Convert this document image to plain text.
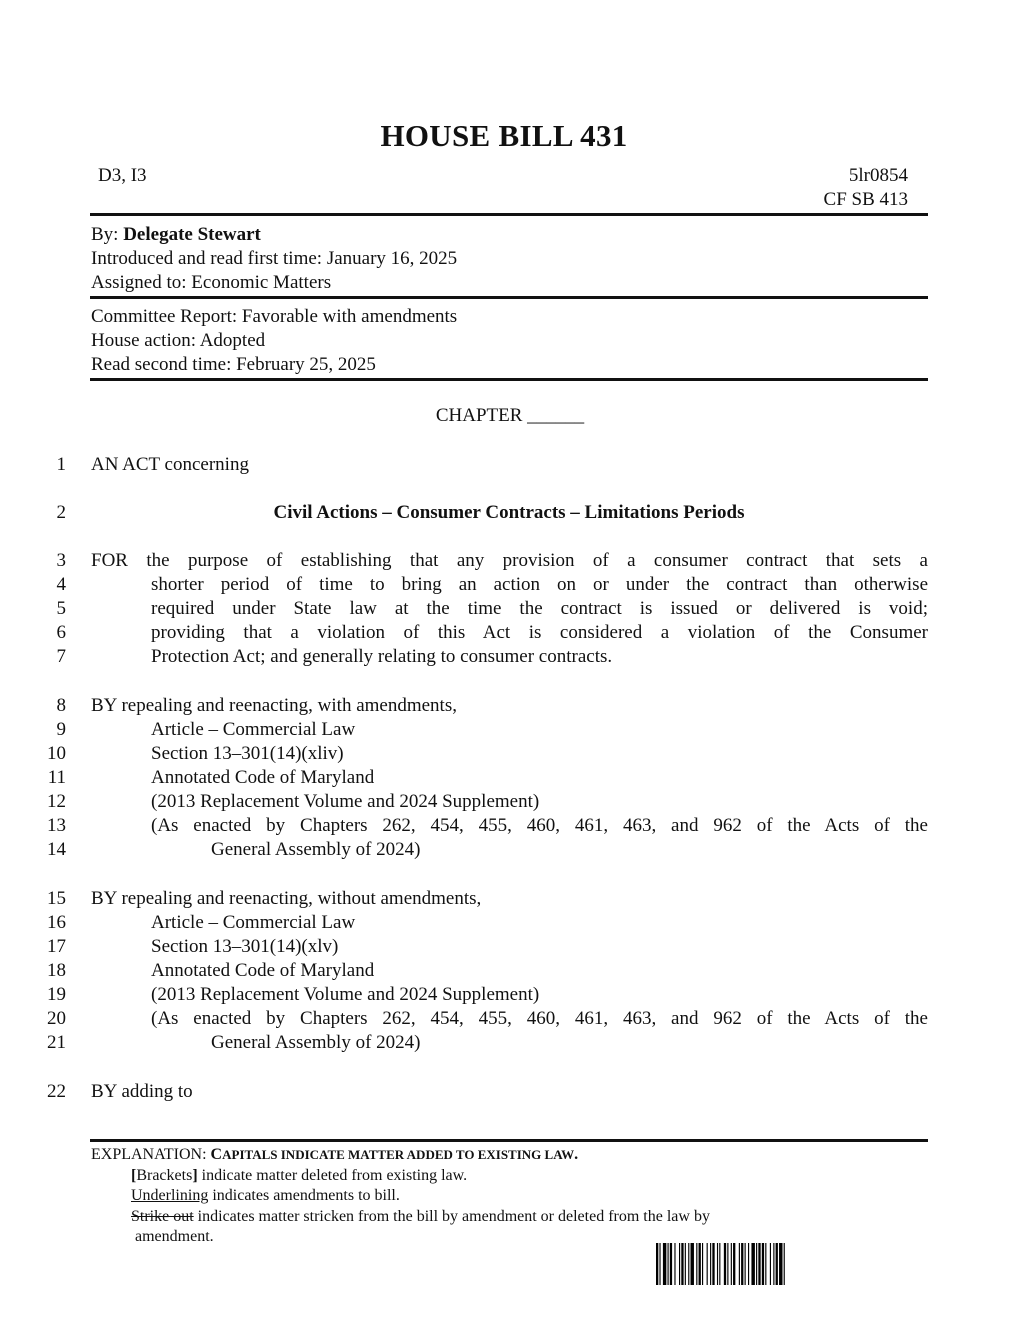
HOUSE BILL 431
D3, I3	5lr0854
CF SB 413
By: Delegate Stewart
Introduced and read first time: January 16, 2025
Assigned to: Economic Matters
Committee Report: Favorable with amendments
House action: Adopted
Read second time: February 25, 2025
CHAPTER ______
1
2
3
4
5
6
7
8
9
10
11
12
13
14
15
16
17
18
19
20
21
22
AN ACT concerning
Civil Actions – Consumer Contracts – Limitations Periods
FOR the purpose of establishing that any provision of a consumer contract that sets a
shorter period of time to bring an action on or under the contract than otherwise
required under State law at the time the contract is issued or delivered is void;
providing that a violation of this Act is considered a violation of the Consumer
Protection Act; and generally relating to consumer contracts.
BY repealing and reenacting, with amendments,
Article – Commercial Law
Section 13–301(14)(xliv)
Annotated Code of Maryland
(2013 Replacement Volume and 2024 Supplement)
(As enacted by Chapters 262, 454, 455, 460, 461, 463, and 962 of the Acts of the
General Assembly of 2024)
BY repealing and reenacting, without amendments,
Article – Commercial Law
Section 13–301(14)(xlv)
Annotated Code of Maryland
(2013 Replacement Volume and 2024 Supplement)
(As enacted by Chapters 262, 454, 455, 460, 461, 463, and 962 of the Acts of the
General Assembly of 2024)
BY adding to
EXPLANATION: CAPITALS INDICATE MATTER ADDED TO EXISTING LAW.
[Brackets] indicate matter deleted from existing law.
Underlining indicates amendments to bill.
Strike out indicates matter stricken from the bill by amendment or deleted from the law by
amendment.
